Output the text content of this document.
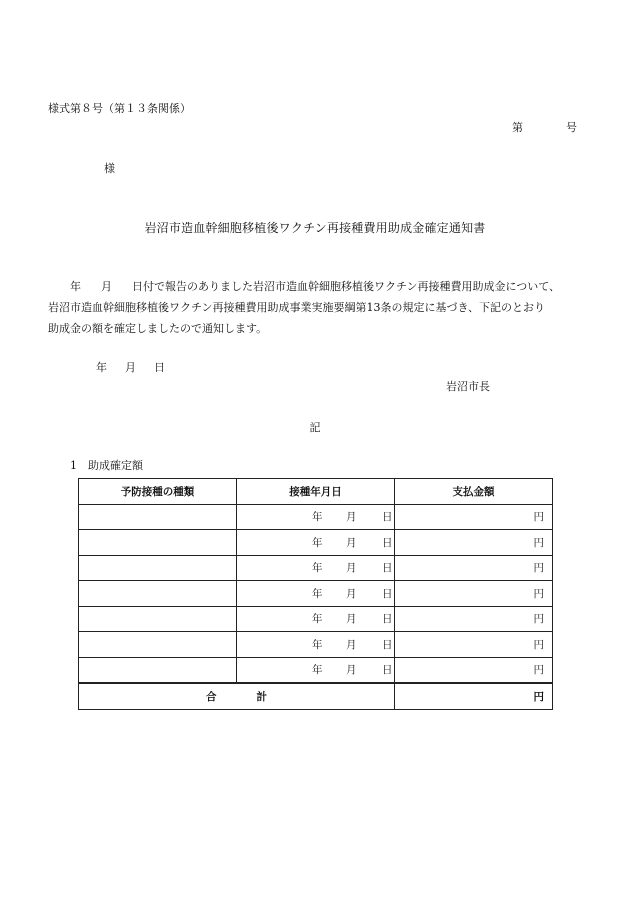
様式第８号（第１３条関係）
第	号
様
岩沼市造血幹細胞移植後ワクチン再接種費用助成金確定通知書
年 月 日付で報告のありました岩沼市造血幹細胞移植後ワクチン再接種費用助成金について、
岩沼市造血幹細胞移植後ワクチン再接種費用助成事業実施要綱第13条の規定に基づき、下記のとおり
助成金の額を確定しましたので通知します。
年 月 日
岩沼市長
記
1 助成確定額
予防接種の種類	接種年月日	支払金額
	年 月 日	円
	年 月 日	円
	年 月 日	円
	年 月 日	円
	年 月 日	円
	年 月 日	円
	年 月 日	円
合 計		円
